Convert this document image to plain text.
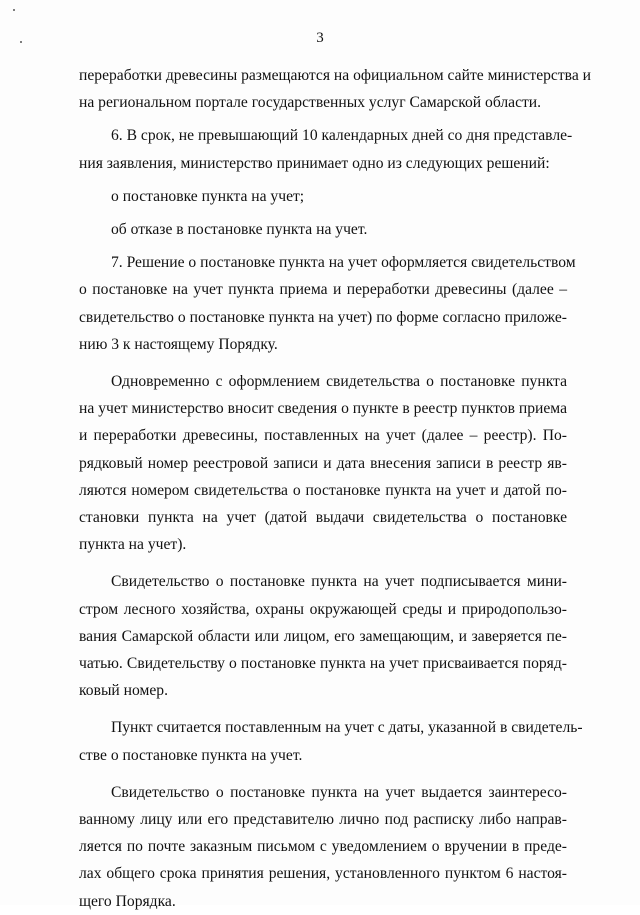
3
переработки древесины размещаются на официальном сайте министерства и
на региональном портале государственных услуг Самарской области.
6. В срок, не превышающий 10 календарных дней со дня представле-
ния заявления, министерство принимает одно из следующих решений:
о постановке пункта на учет;
об отказе в постановке пункта на учет.
7. Решение о постановке пункта на учет оформляется свидетельством
о постановке на учет пункта приема и переработки древесины (далее –
свидетельство о постановке пункта на учет) по форме согласно приложе-
нию 3 к настоящему Порядку.
Одновременно с оформлением свидетельства о постановке пункта
на учет министерство вносит сведения о пункте в реестр пунктов приема
и переработки древесины, поставленных на учет (далее – реестр). По-
рядковый номер реестровой записи и дата внесения записи в реестр яв-
ляются номером свидетельства о постановке пункта на учет и датой по-
становки пункта на учет (датой выдачи свидетельства о постановке
пункта на учет).
Свидетельство о постановке пункта на учет подписывается мини-
стром лесного хозяйства, охраны окружающей среды и природопользо-
вания Самарской области или лицом, его замещающим, и заверяется пе-
чатью. Свидетельству о постановке пункта на учет присваивается поряд-
ковый номер.
Пункт считается поставленным на учет с даты, указанной в свидетель-
стве о постановке пункта на учет.
Свидетельство о постановке пункта на учет выдается заинтересо-
ванному лицу или его представителю лично под расписку либо направ-
ляется по почте заказным письмом с уведомлением о вручении в преде-
лах общего срока принятия решения, установленного пунктом 6 настоя-
щего Порядка.
